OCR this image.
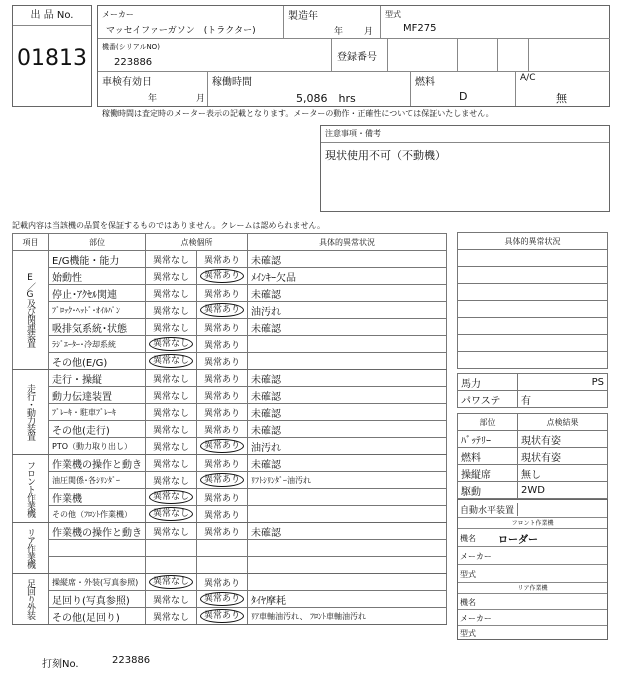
出 品 No.
01813
メーカー
マッセイファーガソン　(トラクター)
製造年
年 月
型式
MF275
機番(シリアルNO)
223886	登録番号
車検有効日
年	月
稼働時間
5,086　hrs
燃料
D
A/C
無
稼働時間は査定時のメーター表示の記載となります。メーターの動作・正確性については保証いたしません。
注意事項・備考
現状使用不可（不動機）
記載内容は当該機の品質を保証するものではありません。クレームは認められません。
項目	部位	点検個所		具体的異常状況
E／G及び関連装置	E/G機能・能力	異常なし	異常あり	未確認
	始動性	異常なし	異常あり	ﾒｲﾝｷｰ欠品
	停止･ｱｸｾﾙ関連	異常なし	異常あり	未確認
	ﾌﾞﾛｯｸ･ﾍｯﾄﾞ･ｵｲﾙﾊﾟﾝ	異常なし	異常あり	油汚れ
	吸排気系統･状態	異常なし	異常あり	未確認
	ﾗｼﾞｴｰﾀｰ･冷却系統	異常なし	異常あり	
	その他(E/G)	異常なし	異常あり	
走行・動力装置	走行・操縦	異常なし	異常あり	未確認
	動力伝達装置	異常なし	異常あり	未確認
	ﾌﾞﾚｰｷ・駐車ﾌﾞﾚｰｷ	異常なし	異常あり	未確認
	その他(走行)	異常なし	異常あり	未確認
	PTO（動力取り出し）	異常なし	異常あり	油汚れ
フロント作業機	作業機の操作と動き	異常なし	異常あり	未確認
	油圧関係･各ｼﾘﾝﾀﾞｰ	異常なし	異常あり	ﾘﾌﾄｼﾘﾝﾀﾞｰ油汚れ
	作業機	異常なし	異常あり	
	その他（ﾌﾛﾝﾄ作業機）	異常なし	異常あり	
リア作業機	作業機の操作と動き	異常なし	異常あり	未確認

足回り外装	操縦席・外装(写真参照)	異常なし	異常あり	
	足回り(写真参照)	異常なし	異常あり	ﾀｲﾔ摩耗
	その他(足回り)	異常なし	異常あり	ﾘｱ車軸油汚れ、 ﾌﾛﾝﾄ車軸油汚れ
具体的異常状況

馬力	PS
パワステ	有
部位	点検結果
ﾊﾞｯﾃﾘｰ	現状有姿
燃料	現状有姿
操縦席	無し
駆動	2WD
自動水平装置
フロント作業機
機名 ローダー
メーカー
型式
リア作業機
機名
メーカー
型式
打刻No.	223886
